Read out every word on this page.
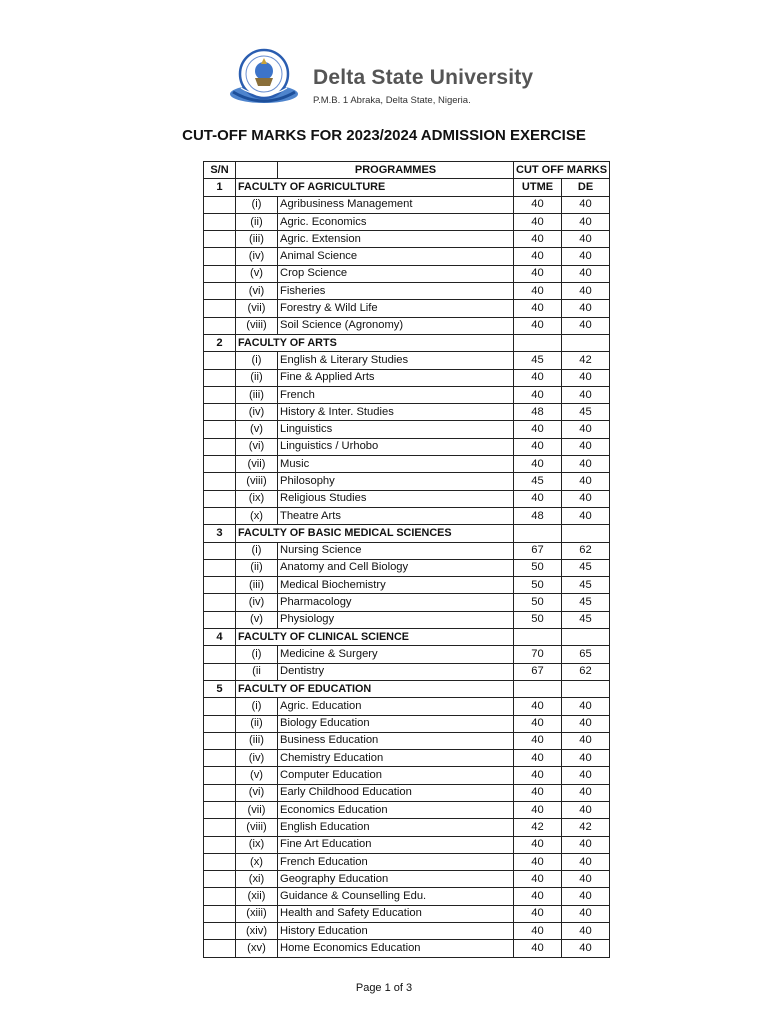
Delta State University
P.M.B. 1 Abraka, Delta State, Nigeria.
CUT-OFF MARKS FOR 2023/2024 ADMISSION EXERCISE
S/N		PROGRAMMES	CUT OFF MARKS	
1	FACULTY OF AGRICULTURE		UTME	DE
	(i)	Agribusiness Management	40	40
	(ii)	Agric. Economics	40	40
	(iii)	Agric. Extension	40	40
	(iv)	Animal Science	40	40
	(v)	Crop Science	40	40
	(vi)	Fisheries	40	40
	(vii)	Forestry & Wild Life	40	40
	(viii)	Soil Science (Agronomy)	40	40
2	FACULTY OF ARTS			
	(i)	English & Literary Studies	45	42
	(ii)	Fine & Applied Arts	40	40
	(iii)	French	40	40
	(iv)	History & Inter. Studies	48	45
	(v)	Linguistics	40	40
	(vi)	Linguistics / Urhobo	40	40
	(vii)	Music	40	40
	(viii)	Philosophy	45	40
	(ix)	Religious Studies	40	40
	(x)	Theatre Arts	48	40
3	FACULTY OF BASIC MEDICAL SCIENCES			
	(i)	Nursing Science	67	62
	(ii)	Anatomy and Cell Biology	50	45
	(iii)	Medical Biochemistry	50	45
	(iv)	Pharmacology	50	45
	(v)	Physiology	50	45
4	FACULTY OF CLINICAL SCIENCE			
	(i)	Medicine & Surgery	70	65
	(ii	Dentistry	67	62
5	FACULTY OF EDUCATION			
	(i)	Agric. Education	40	40
	(ii)	Biology Education	40	40
	(iii)	Business Education	40	40
	(iv)	Chemistry Education	40	40
	(v)	Computer Education	40	40
	(vi)	Early Childhood Education	40	40
	(vii)	Economics Education	40	40
	(viii)	English Education	42	42
	(ix)	Fine Art Education	40	40
	(x)	French Education	40	40
	(xi)	Geography Education	40	40
	(xii)	Guidance & Counselling Edu.	40	40
	(xiii)	Health and Safety Education	40	40
	(xiv)	History Education	40	40
	(xv)	Home Economics Education	40	40
Page 1 of 3
